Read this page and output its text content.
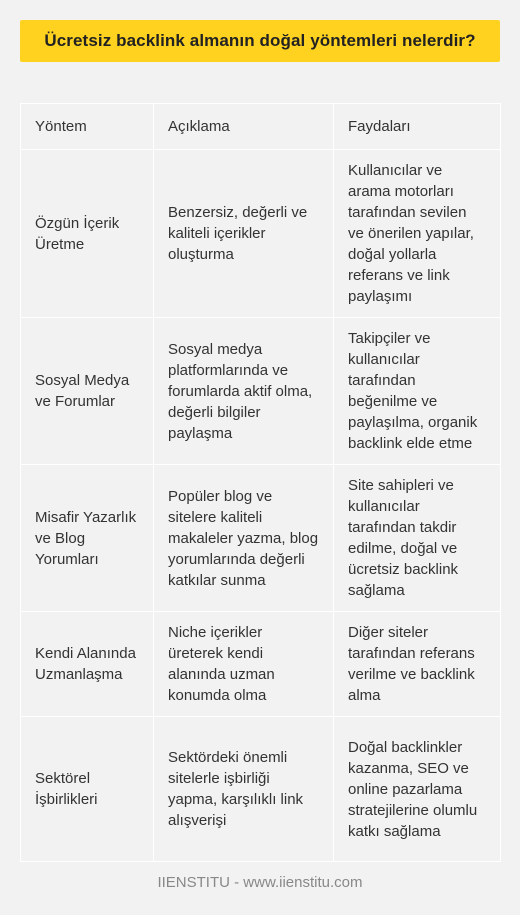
Ücretsiz backlink almanın doğal yöntemleri nelerdir?
Yöntem	Açıklama	Faydaları
Özgün İçerik Üretme	Benzersiz, değerli ve kaliteli içerikler oluşturma	Kullanıcılar ve arama motorları tarafından sevilen ve önerilen yapılar, doğal yollarla referans ve link paylaşımı
Sosyal Medya ve Forumlar	Sosyal medya platformlarında ve forumlarda aktif olma, değerli bilgiler paylaşma	Takipçiler ve kullanıcılar tarafından beğenilme ve paylaşılma, organik backlink elde etme
Misafir Yazarlık ve Blog Yorumları	Popüler blog ve sitelere kaliteli makaleler yazma, blog yorumlarında değerli katkılar sunma	Site sahipleri ve kullanıcılar tarafından takdir edilme, doğal ve ücretsiz backlink sağlama
Kendi Alanında Uzmanlaşma	Niche içerikler üreterek kendi alanında uzman konumda olma	Diğer siteler tarafından referans verilme ve backlink alma
Sektörel İşbirlikleri	Sektördeki önemli sitelerle işbirliği yapma, karşılıklı link alışverişi	Doğal backlinkler kazanma, SEO ve online pazarlama stratejilerine olumlu katkı sağlama
IIENSTITU - www.iienstitu.com
